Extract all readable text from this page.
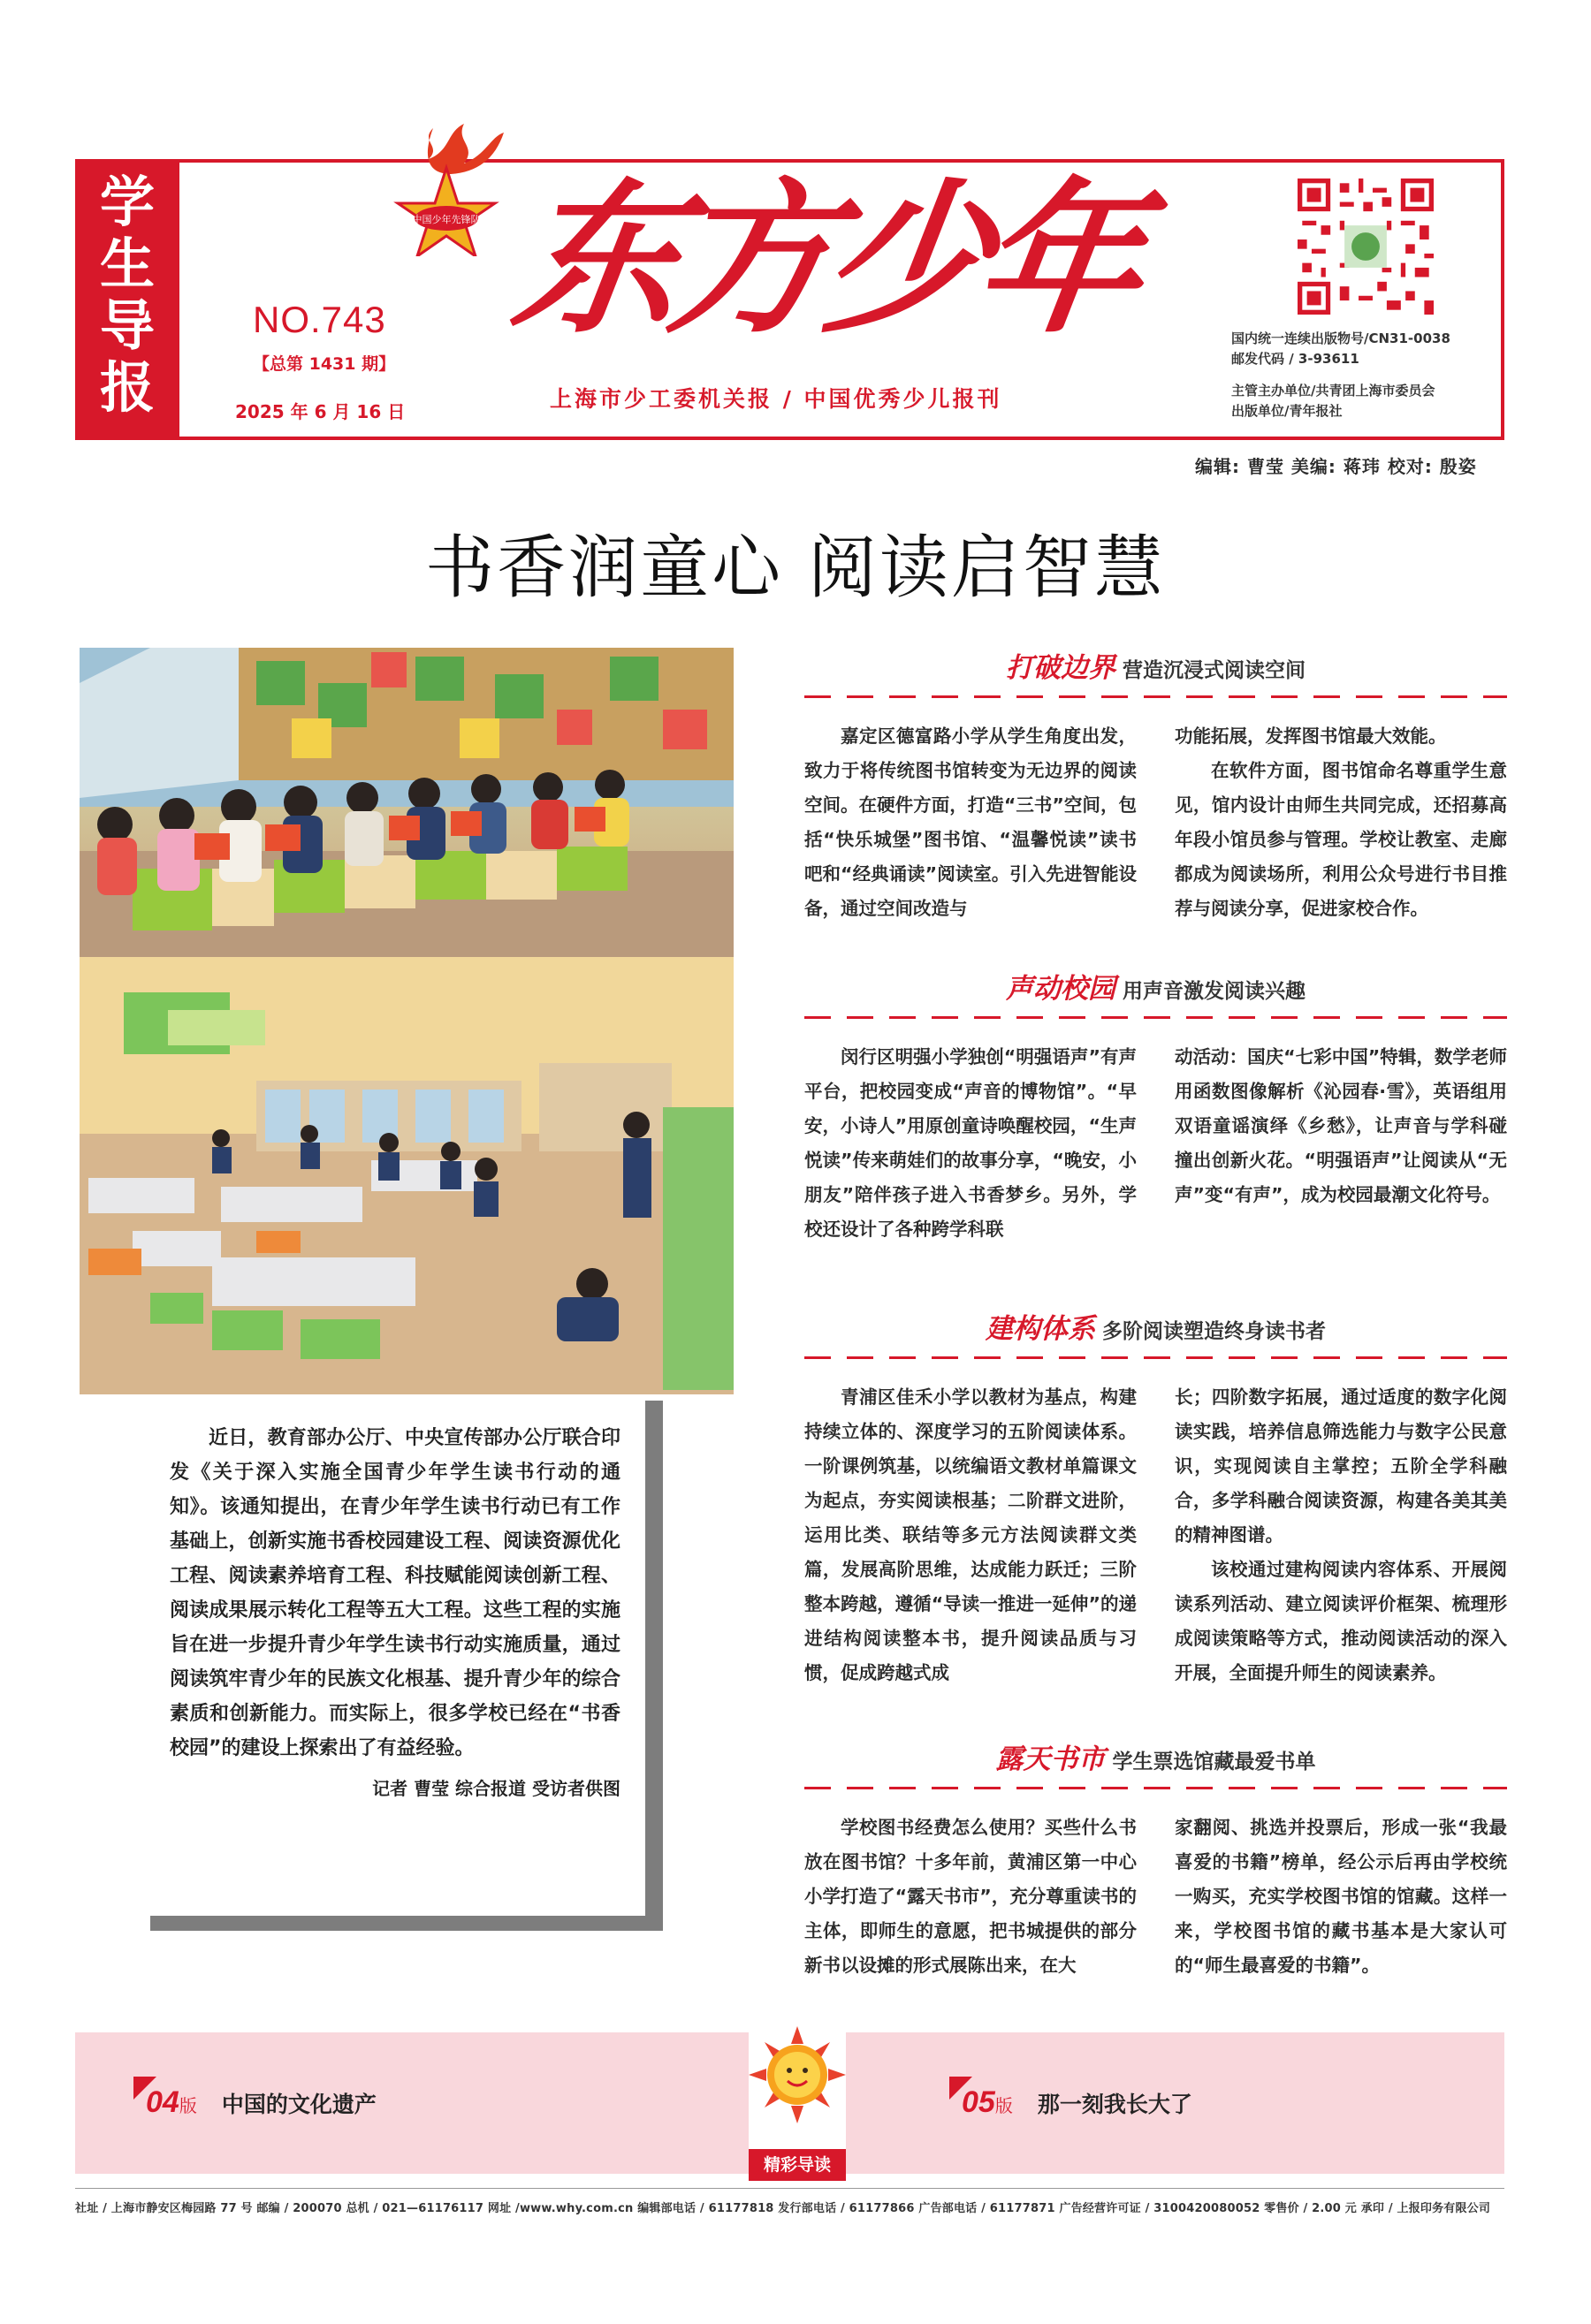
学
生
导
报
NO.743
【总第 1431 期】
2025 年 6 月 16 日
中国少年先锋队 东方少年
上海市少工委机关报 / 中国优秀少儿报刊
国内统一连续出版物号/CN31-0038
邮发代码 / 3-93611
主管主办单位/共青团上海市委员会
出版单位/青年报社
编辑: 曹莹 美编: 蒋玮 校对: 殷姿
书香润童心 阅读启智慧

近日，教育部办公厅、中央宣传部办公厅联合印发《关于深入实施全国青少年学生读书行动的通知》。该通知提出，在青少年学生读书行动已有工作基础上，创新实施书香校园建设工程、阅读资源优化工程、阅读素养培育工程、科技赋能阅读创新工程、阅读成果展示转化工程等五大工程。这些工程的实施旨在进一步提升青少年学生读书行动实施质量，通过阅读筑牢青少年的民族文化根基、提升青少年的综合素质和创新能力。而实际上，很多学校已经在“书香校园”的建设上探索出了有益经验。

记者 曹莹 综合报道 受访者供图
打破边界 营造沉浸式阅读空间

嘉定区德富路小学从学生角度出发，致力于将传统图书馆转变为无边界的阅读空间。在硬件方面，打造“三书”空间，包括“快乐城堡”图书馆、“温馨悦读”读书吧和“经典诵读”阅读室。引入先进智能设备，通过空间改造与

功能拓展，发挥图书馆最大效能。

在软件方面，图书馆命名尊重学生意见，馆内设计由师生共同完成，还招募高年段小馆员参与管理。学校让教室、走廊都成为阅读场所，利用公众号进行书目推荐与阅读分享，促进家校合作。

声动校园 用声音激发阅读兴趣

闵行区明强小学独创“明强语声”有声平台，把校园变成“声音的博物馆”。“早安，小诗人”用原创童诗唤醒校园，“生声悦读”传来萌娃们的故事分享，“晚安，小朋友”陪伴孩子进入书香梦乡。另外，学校还设计了各种跨学科联

动活动：国庆“七彩中国”特辑，数学老师用函数图像解析《沁园春·雪》，英语组用双语童谣演绎《乡愁》，让声音与学科碰撞出创新火花。“明强语声”让阅读从“无声”变“有声”，成为校园最潮文化符号。

建构体系 多阶阅读塑造终身读书者

青浦区佳禾小学以教材为基点，构建持续立体的、深度学习的五阶阅读体系。一阶课例筑基，以统编语文教材单篇课文为起点，夯实阅读根基；二阶群文进阶，运用比类、联结等多元方法阅读群文类篇，发展高阶思维，达成能力跃迁；三阶整本跨越，遵循“导读一推进一延伸”的递进结构阅读整本书，提升阅读品质与习惯，促成跨越式成

长；四阶数字拓展，通过适度的数字化阅读实践，培养信息筛选能力与数字公民意识，实现阅读自主掌控；五阶全学科融合，多学科融合阅读资源，构建各美其美的精神图谱。

该校通过建构阅读内容体系、开展阅读系列活动、建立阅读评价框架、梳理形成阅读策略等方式，推动阅读活动的深入开展，全面提升师生的阅读素养。

露天书市 学生票选馆藏最爱书单

学校图书经费怎么使用？买些什么书放在图书馆？十多年前，黄浦区第一中心小学打造了“露天书市”，充分尊重读书的主体，即师生的意愿，把书城提供的部分新书以设摊的形式展陈出来，在大

家翻阅、挑选并投票后，形成一张“我最喜爱的书籍”榜单，经公示后再由学校统一购买，充实学校图书馆的馆藏。这样一来，学校图书馆的藏书基本是大家认可的“师生最喜爱的书籍”。

04版 中国的文化遗产	05版 那一刻我长大了
精彩导读
社址 / 上海市静安区梅园路 77 号 邮编 / 200070 总机 / 021—61176117 网址 /www.why.com.cn 编辑部电话 / 61177818 发行部电话 / 61177866 广告部电话 / 61177871 广告经营许可证 / 3100420080052 零售价 / 2.00 元 承印 / 上报印务有限公司
